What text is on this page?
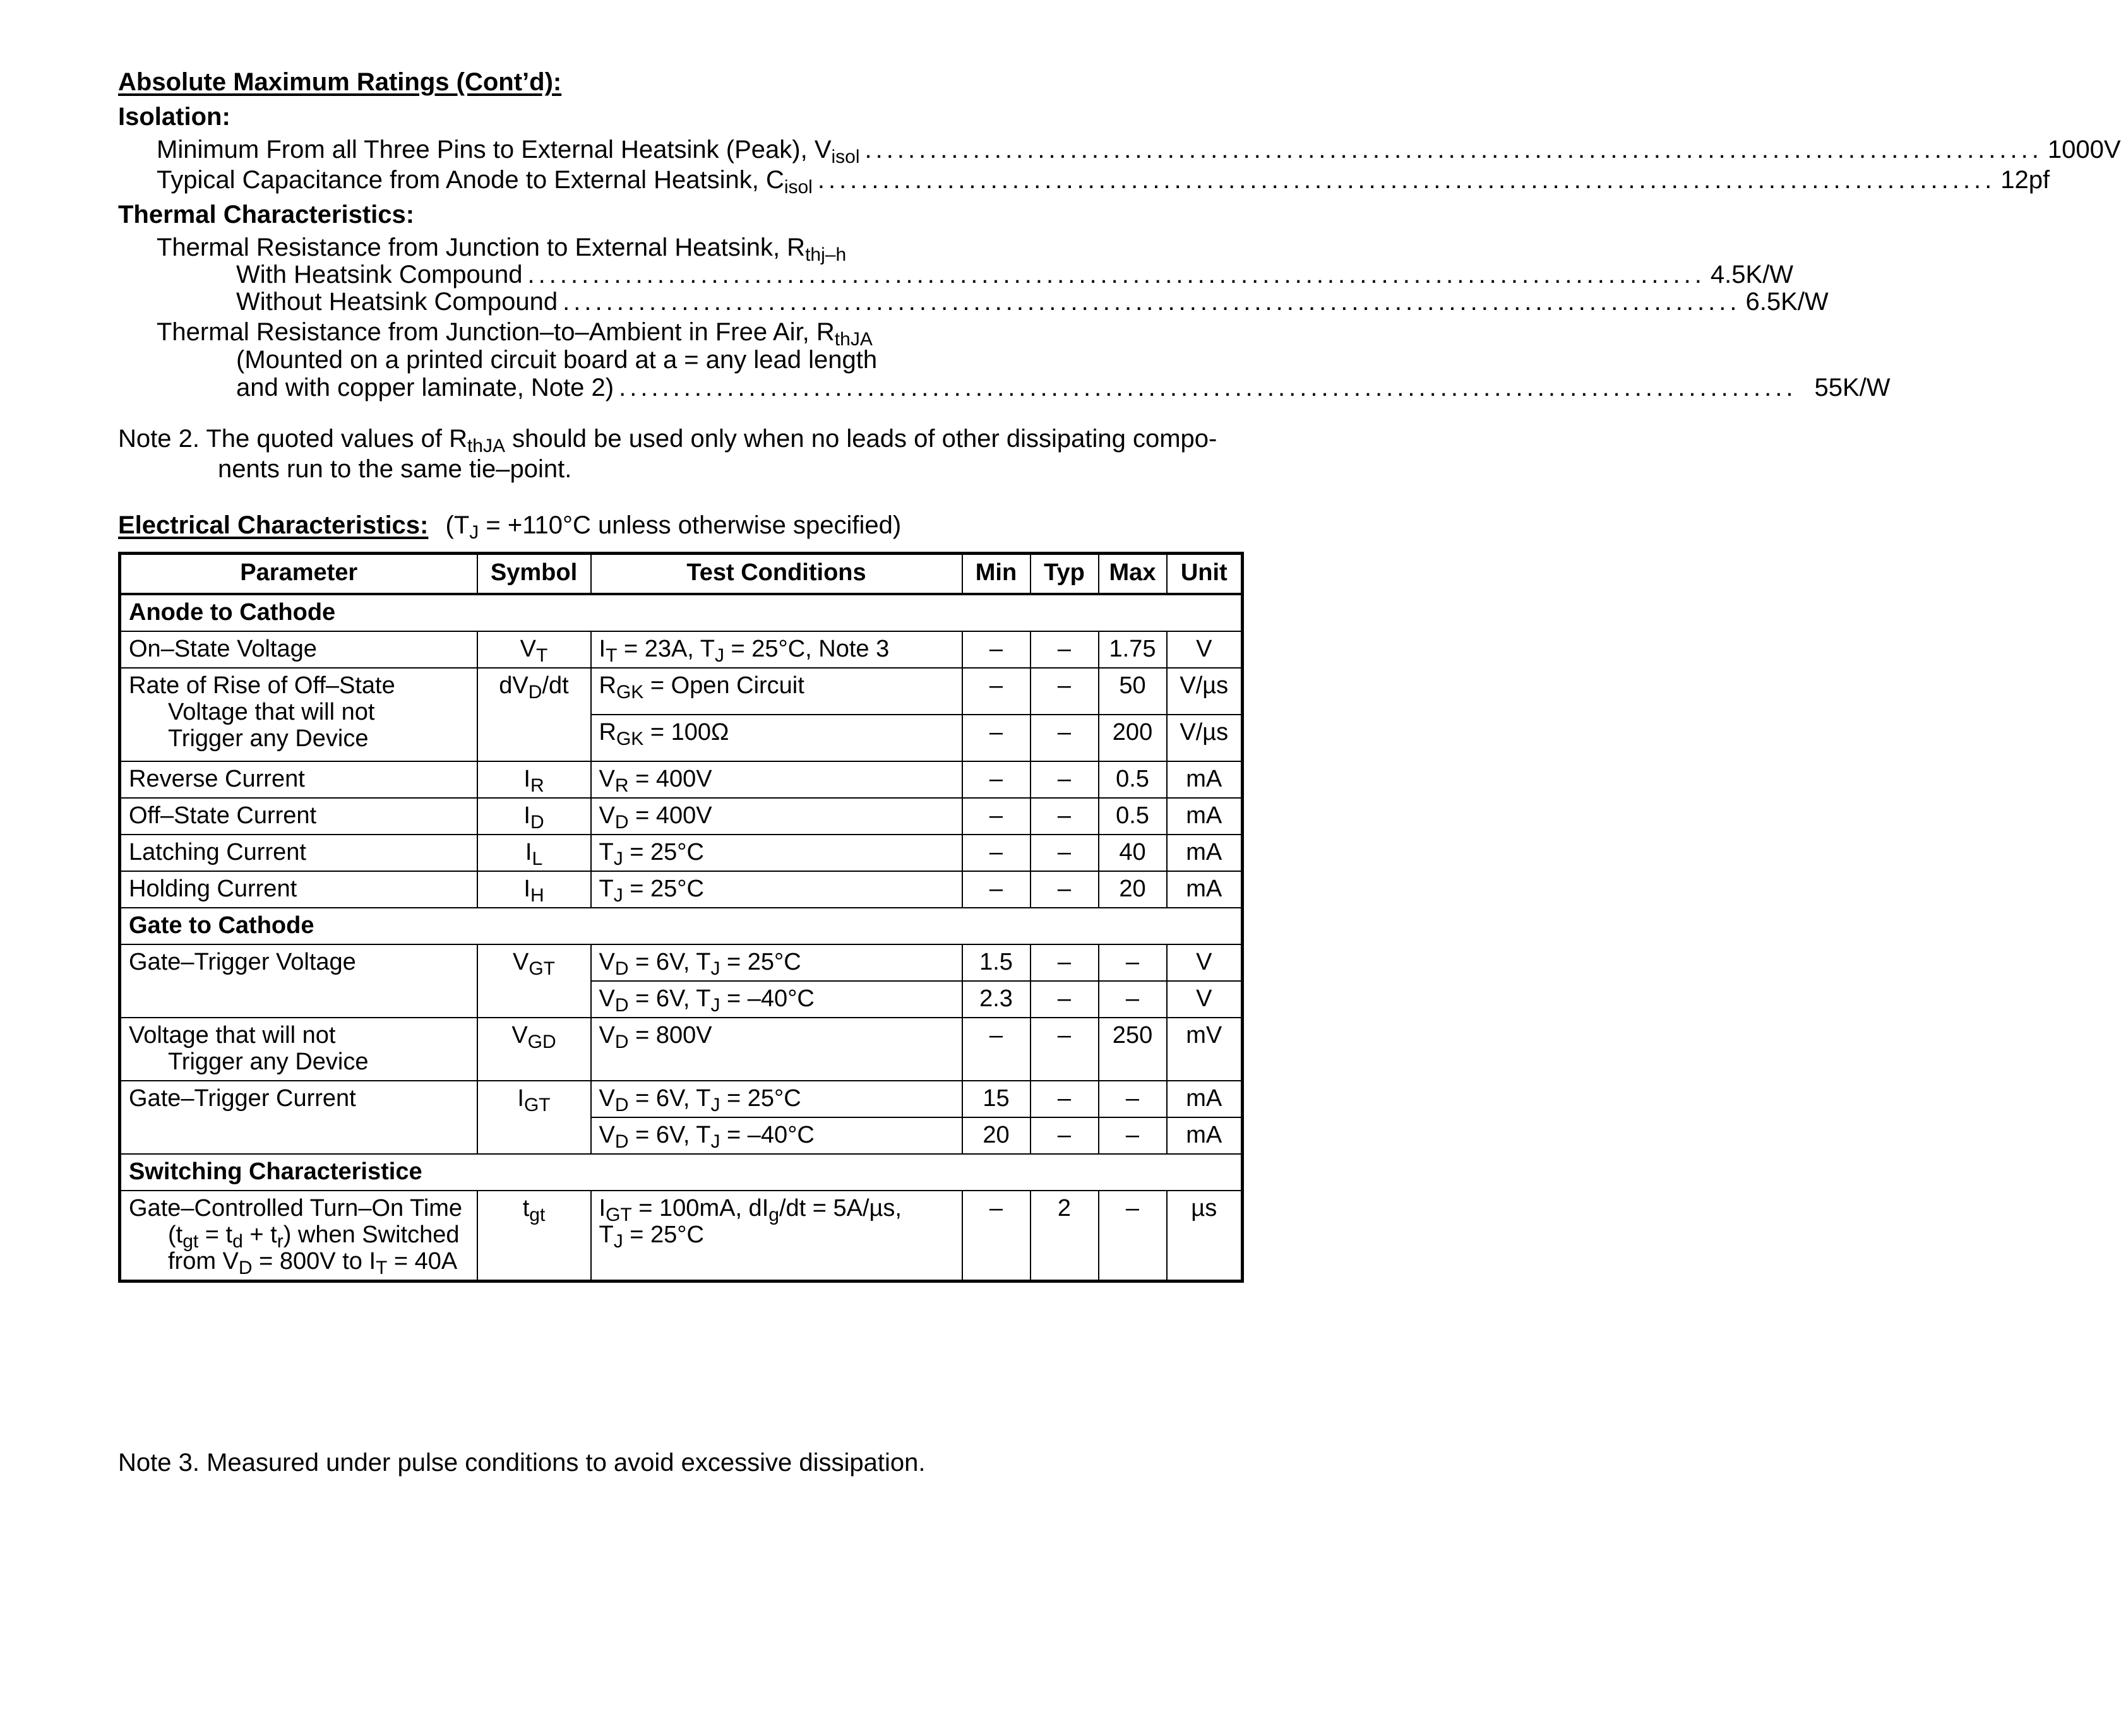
Absolute Maximum Ratings (Cont’d):
Isolation:
Minimum From all Three Pins to External Heatsink (Peak), $V_{isol}$ ............................................................................................................. 1000V
Typical Capacitance from Anode to External Heatsink, $C_{isol}$ ............................................................................................................. 12pf
Thermal Characteristics:
Thermal Resistance from Junction to External Heatsink, $R_{thj-h}$
With Heatsink Compound ............................................................................................................. 4.5K/W
Without Heatsink Compound ............................................................................................................. 6.5K/W
Thermal Resistance from Junction–to–Ambient in Free Air, $R_{thJA}$
(Mounted on a printed circuit board at a = any lead length
and with copper laminate, Note 2) ............................................................................................................. 55K/W
Note 2. The quoted values of $R_{thJA}$ should be used only when no leads of other dissipating compo-
nents run to the same tie–point.
Electrical Characteristics: ($T_J = +110^\circ C$ unless otherwise specified)
Parameter	Symbol	Test Conditions	Min	Typ	Max	Unit
Anode to Cathode						
On–State Voltage	$V_T$	$I_T = 23A$, $T_J = 25^\circ C$, Note 3	–	–	1.75	V
Rate of Rise of Off–State
Voltage that will not
Trigger any Device	$dV_D/dt$	$R_{GK}$ = Open Circuit	–	–	50	V/µs
		$R_{GK} = 100\Omega$	–	–	200	V/µs
Reverse Current	$I_R$	$V_R = 400V$	–	–	0.5	mA
Off–State Current	$I_D$	$V_D = 400V$	–	–	0.5	mA
Latching Current	$I_L$	$T_J = 25^\circ C$	–	–	40	mA
Holding Current	$I_H$	$T_J = 25^\circ C$	–	–	20	mA
Gate to Cathode						
Gate–Trigger Voltage	$V_{GT}$	$V_D = 6V$, $T_J = 25^\circ C$	1.5	–	–	V
		$V_D = 6V$, $T_J = -40^\circ C$	2.3	–	–	V
Voltage that will not
Trigger any Device	$V_{GD}$	$V_D = 800V$	–	–	250	mV
Gate–Trigger Current	$I_{GT}$	$V_D = 6V$, $T_J = 25^\circ C$	15	–	–	mA
		$V_D = 6V$, $T_J = -40^\circ C$	20	–	–	mA
Switching Characteristice						
Gate–Controlled Turn–On Time
$(t_{gt} = t_d + t_r)$ when Switched
from $V_D = 800V$ to $I_T = 40A$	$t_{gt}$	$I_{GT} = 100mA$, $dI_g/dt = 5A/\mu s$,
$T_J = 25^\circ C$	–	2	–	µs
Note 3. Measured under pulse conditions to avoid excessive dissipation.
